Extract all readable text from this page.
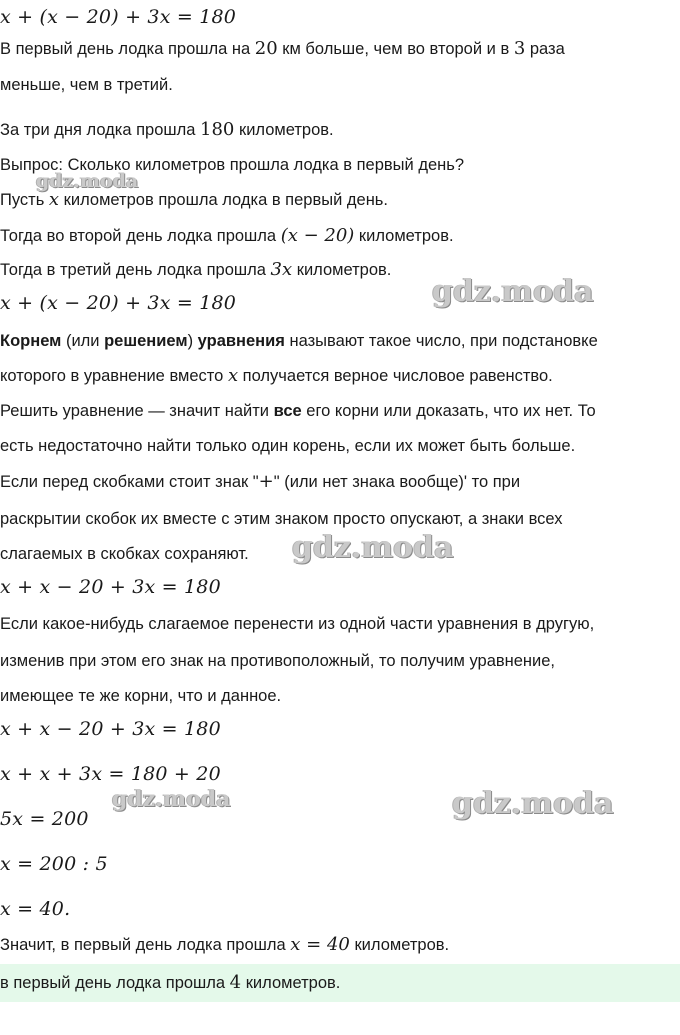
x + (x − 20) + 3x = 180
В первый день лодка прошла на 20 км больше, чем во второй и в 3 раза
меньше, чем в третий.
За три дня лодка прошла 180 километров.
Выпрос: Сколько километров прошла лодка в первый день?
Пусть x километров прошла лодка в первый день.
Тогда во второй день лодка прошла (x − 20) километров.
Тогда в третий день лодка прошла 3x километров.
x + (x − 20) + 3x = 180
Корнем (или решением) уравнения называют такое число, при подстановке
которого в уравнение вместо x получается верное числовое равенство.
Решить уравнение — значит найти все его корни или доказать, что их нет. То
есть недостаточно найти только один корень, если их может быть больше.
Если перед скобками стоит знак "+" (или нет знака вообще)' то при
раскрытии скобок их вместе с этим знаком просто опускают, а знаки всех
слагаемых в скобках сохраняют.
x + x − 20 + 3x = 180
Если какое-нибудь слагаемое перенести из одной части уравнения в другую,
изменив при этом его знак на противоположный, то получим уравнение,
имеющее те же корни, что и данное.
x + x − 20 + 3x = 180
x + x + 3x = 180 + 20
5x = 200
x = 200 : 5
x = 40.
Значит, в первый день лодка прошла x = 40 километров.
в первый день лодка прошла 4 километров.
gdz.moda
gdz.moda
gdz.moda
gdz.moda	gdz.moda
